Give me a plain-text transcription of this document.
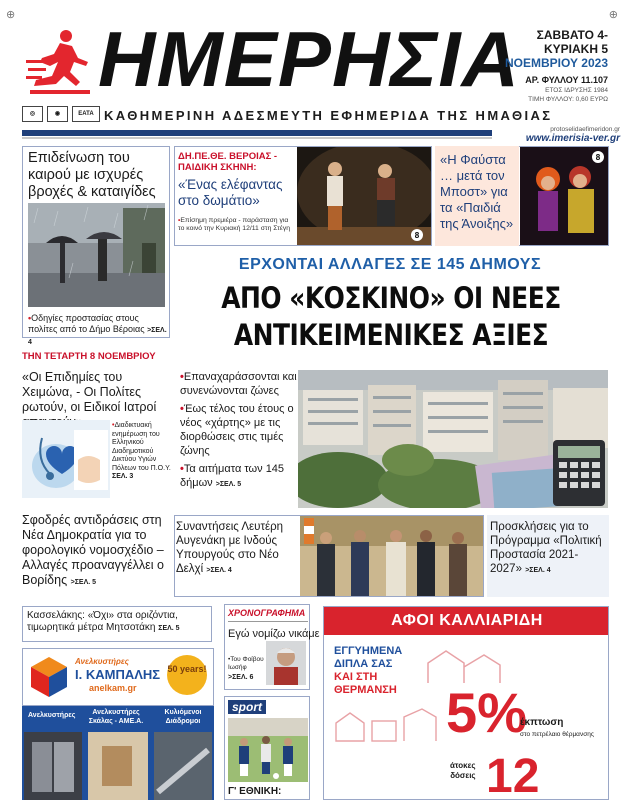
⊕	⊕
ΗΜΕΡΗΣΙΑ
◎	◉	ΕΑΤΑ ΚΑΘΗΜΕΡΙΝΗ ΑΔΕΣΜΕΥΤΗ ΕΦΗΜΕΡΙΔΑ ΤΗΣ ΗΜΑΘΙΑΣ
ΣΑΒΒΑΤΟ 4-
ΚΥΡΙΑΚΗ 5
ΝΟΕΜΒΡΙΟΥ 2023
ΑΡ. ΦΥΛΛΟΥ 11.107
ΕΤΟΣ ΙΔΡΥΣΗΣ 1984
ΤΙΜΗ ΦΥΛΛΟΥ: 0,60 ΕΥΡΩ
protoselidaefimeridon.gr
www.imerisia-ver.gr
Επιδείνωση του καιρού με ισχυρές βροχές & καταιγίδες
•Οδηγίες προστασίας στους πολίτες από το Δήμο Βέροιας >ΣΕΛ. 4
ΔΗ.ΠΕ.ΘΕ. ΒΕΡΟΙΑΣ - ΠΑΙΔΙΚΗ ΣΚΗΝΗ:
«Ένας ελέφαντας στο δωμάτιο»
•Επίσημη πρεμιέρα - παράσταση για το κοινό την Κυριακή 12/11 στη Στέγη
8
«Η Φαύστα … μετά τον Μποστ» για τα «Παιδιά της Άνοιξης»
8
ΕΡΧΟΝΤΑΙ ΑΛΛΑΓΕΣ ΣΕ 145 ΔΗΜΟΥΣ
ΑΠΟ «ΚΟΣΚΙΝΟ» ΟΙ ΝΕΕΣ
ΑΝΤΙΚΕΙΜΕΝΙΚΕΣ ΑΞΙΕΣ
•Επαναχαράσσονται και συνενώνονται ζώνες
•Έως τέλος του έτους ο νέος «χάρτης» με τις διορθώσεις στις τιμές ζώνης
•Τα αιτήματα των 145 δήμων >ΣΕΛ. 5
ΤΗΝ ΤΕΤΑΡΤΗ 8 ΝΟΕΜΒΡΙΟΥ
«Οι Επιδημίες του Χειμώνα, - Οι Πολίτες ρωτούν, οι Ειδικοί Ιατροί
•Διαδικτυακή ενημέρωση του Ελληνικού Διαδημοτικού Δικτύου Υγιών Πόλεων του Π.Ο.Υ. ΣΕΛ. 3
Σφοδρές αντιδράσεις στη Νέα Δημοκρατία για το φορολογικό νομοσχέδιο – Αλλαγές προαναγγέλλει ο Βορίδης >ΣΕΛ. 5
Συναντήσεις Λευτέρη Αυγενάκη με Ινδούς Υπουργούς στο Νέο Δελχί >ΣΕΛ. 4
Προσκλήσεις για το Πρόγραμμα «Πολιτική Προστασία 2021-2027» >ΣΕΛ. 4
Κασσελάκης: «Όχι» στα οριζόντια, τιμωρητικά μέτρα Μητσοτάκη ΣΕΛ. 5
Ανελκυστήρες
Ι. ΚΑΜΠΑΛΗΣ
anelkam.gr
50 years!
Ανελκυστήρες	Ανελκυστήρες Σκάλας - ΑΜΕ.Α.
Κυλιόμενοι Διάδρομοι
ΧΡΟΝΟΓΡΑΦΗΜΑ
Εγώ νομίζω νικάμε
•Του Φοίβου Ιωσήφ
>ΣΕΛ. 6
sport
Γ' ΕΘΝΙΚΗ:
ΑΦΟΙ ΚΑΛΛΙΑΡΙΔΗ
ΕΓΓΥΗΜΕΝΑ
ΔΙΠΛΑ ΣΑΣ
ΚΑΙ ΣΤΗ
ΘΕΡΜΑΝΣΗ 5%
έκπτωση
στο πετρέλαιο θέρμανσης
άτοκες
δόσεις 12
